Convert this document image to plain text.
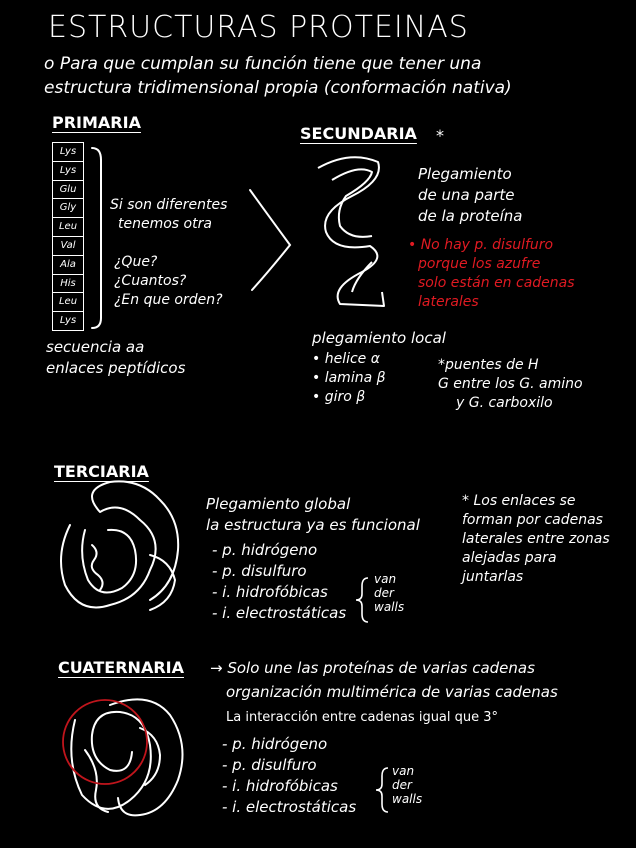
ESTRUCTURAS PROTEINAS
o Para que cumplan su función tiene que tener una
estructura tridimensional propia (conformación nativa)
PRIMARIA
Lys
Lys
Glu
Gly
Leu
Val
Ala
His
Leu
Lys
Si son diferentes
tenemos otra
¿Que?
¿Cuantos?
¿En que orden?
secuencia aa
enlaces peptídicos
SECUNDARIA *
Plegamiento
de una parte
de la proteína
• No hay p. disulfuro
porque los azufre
solo están en cadenas
laterales
plegamiento local
• helice α
• lamina β
• giro β
*puentes de H
G entre los G. amino
y G. carboxilo
TERCIARIA
Plegamiento global
la estructura ya es funcional
- p. hidrógeno
- p. disulfuro
- i. hidrofóbicas
- i. electrostáticas
van
der
walls
* Los enlaces se
forman por cadenas
laterales entre zonas
alejadas para
juntarlas
CUATERNARIA → Solo une las proteínas de varias cadenas
organización multimérica de varias cadenas
La interacción entre cadenas igual que 3°
- p. hidrógeno
- p. disulfuro
- i. hidrofóbicas
- i. electrostáticas
van
der
walls
